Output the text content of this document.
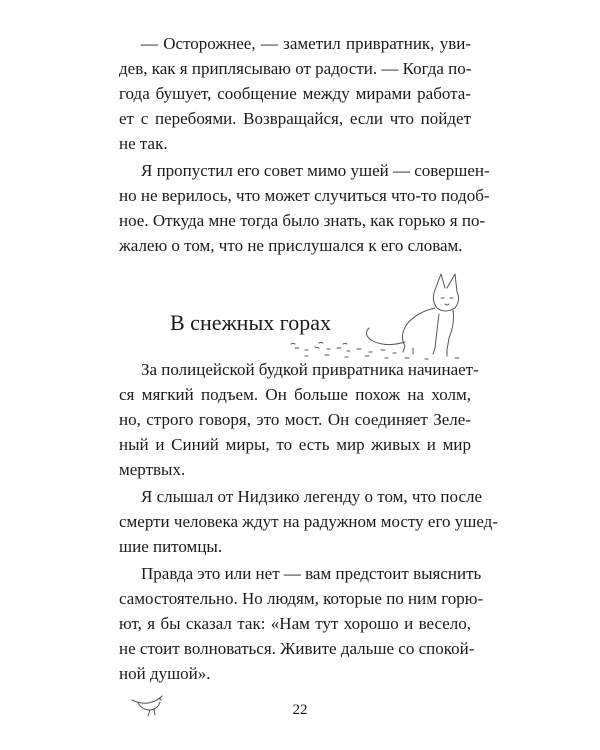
— Осторожнее, — заметил привратник, уви-
дев, как я приплясываю от радости. — Когда по-
года бушует, сообщение между мирами работа-
ет с перебоями. Возвращайся, если что пойдет
не так.
Я пропустил его совет мимо ушей — совершен-
но не верилось, что может случиться что-то подоб-
ное. Откуда мне тогда было знать, как горько я по-
жалею о том, что не прислушался к его словам.
В снежных горах
За полицейской будкой привратника начинает-
ся мягкий подъем. Он больше похож на холм,
но, строго говоря, это мост. Он соединяет Зеле-
ный и Синий миры, то есть мир живых и мир
мертвых.
Я слышал от Нидзико легенду о том, что после
смерти человека ждут на радужном мосту его ушед-
шие питомцы.
Правда это или нет — вам предстоит выяснить
самостоятельно. Но людям, которые по ним горю-
ют, я бы сказал так: «Нам тут хорошо и весело,
не стоит волноваться. Живите дальше со спокой-
ной душой».
22
